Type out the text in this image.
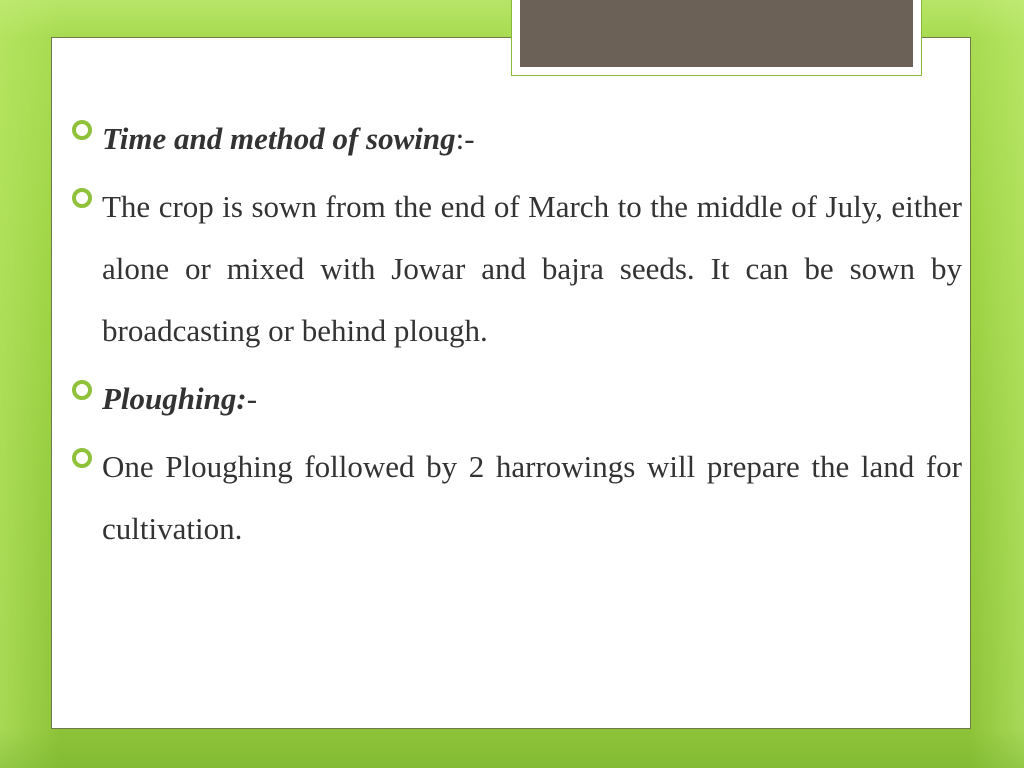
Time and method of sowing:-
The crop is sown from the end of March to the middle of July, either alone or mixed with Jowar and bajra seeds. It can be sown by broadcasting or behind plough.
Ploughing:-
One Ploughing followed by 2 harrowings will prepare the land for cultivation.
